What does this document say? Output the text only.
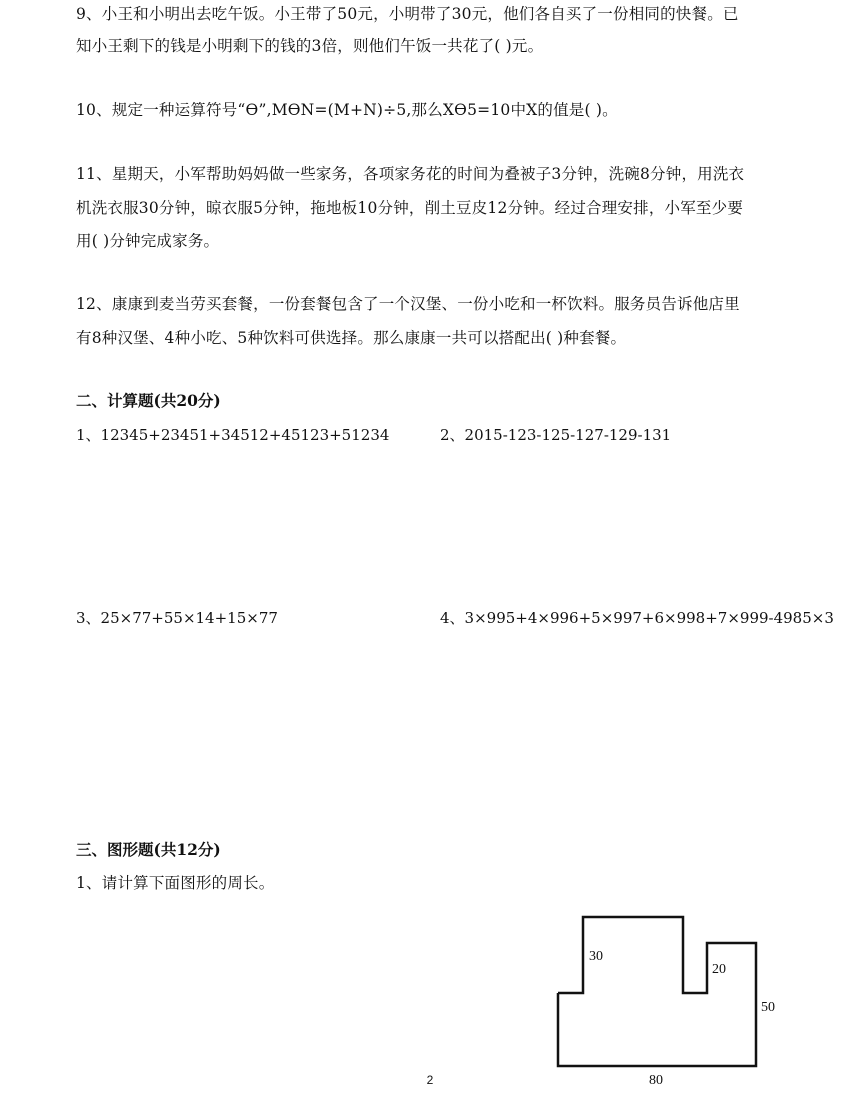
9、小王和小明出去吃午饭。小王带了50元，小明带了30元，他们各自买了一份相同的快餐。已
知小王剩下的钱是小明剩下的钱的3倍，则他们午饭一共花了( )元。
10、规定一种运算符号“ϴ”,MϴN=(M+N)÷5,那么Xϴ5=10中X的值是( )。
11、星期天，小军帮助妈妈做一些家务，各项家务花的时间为叠被子3分钟，洗碗8分钟，用洗衣
机洗衣服30分钟，晾衣服5分钟，拖地板10分钟，削土豆皮12分钟。经过合理安排，小军至少要
用( )分钟完成家务。
12、康康到麦当劳买套餐，一份套餐包含了一个汉堡、一份小吃和一杯饮料。服务员告诉他店里
有8种汉堡、4种小吃、5种饮料可供选择。那么康康一共可以搭配出( )种套餐。
二、计算题(共20分)
1、12345+23451+34512+45123+51234	2、2015-123-125-127-129-131
3、25×77+55×14+15×77	4、3×995+4×996+5×997+6×998+7×999-4985×3
三、图形题(共12分)
1、请计算下面图形的周长。
30
20
50
80
2
